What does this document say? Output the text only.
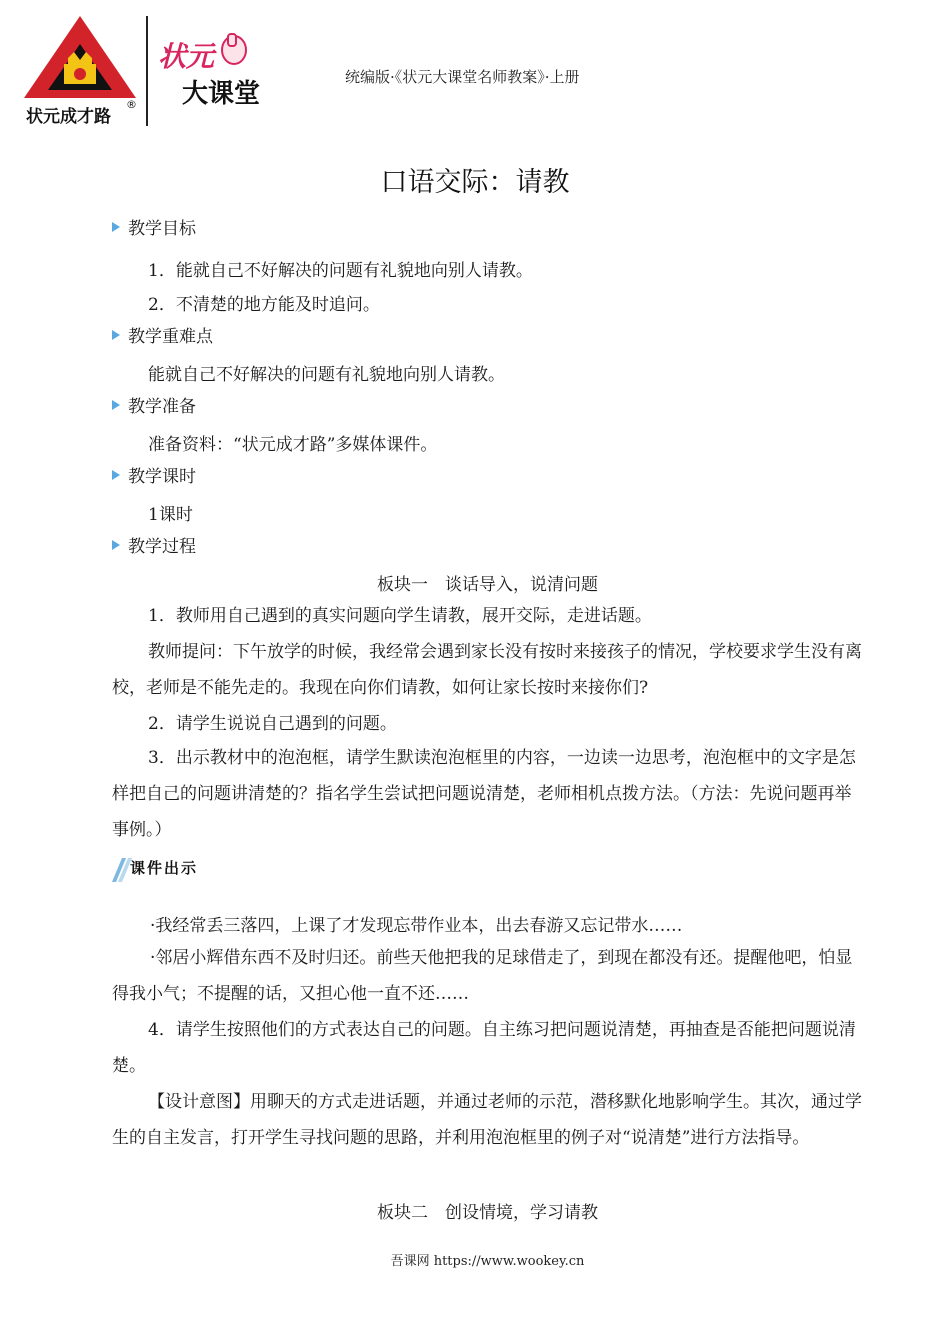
状元成才路
®
状元
大课堂
统编版·《状元大课堂名师教案》·上册
口语交际：请教
教学目标
1．能就自己不好解决的问题有礼貌地向别人请教。
2．不清楚的地方能及时追问。
教学重难点
能就自己不好解决的问题有礼貌地向别人请教。
教学准备
准备资料：“状元成才路”多媒体课件。
教学课时
1课时
教学过程
板块一　谈话导入，说清问题
1．教师用自己遇到的真实问题向学生请教，展开交际，走进话题。
教师提问：下午放学的时候，我经常会遇到家长没有按时来接孩子的情况，学校要求学生没有离校，老师是不能先走的。我现在向你们请教，如何让家长按时来接你们?
2．请学生说说自己遇到的问题。
3．出示教材中的泡泡框，请学生默读泡泡框里的内容，一边读一边思考，泡泡框中的文字是怎样把自己的问题讲清楚的？指名学生尝试把问题说清楚，老师相机点拨方法。（方法：先说问题再举事例。）
课件出示
·我经常丢三落四，上课了才发现忘带作业本，出去春游又忘记带水……
·邻居小辉借东西不及时归还。前些天他把我的足球借走了，到现在都没有还。提醒他吧，怕显得我小气；不提醒的话，又担心他一直不还……
4．请学生按照他们的方式表达自己的问题。自主练习把问题说清楚，再抽查是否能把问题说清楚。
【设计意图】用聊天的方式走进话题，并通过老师的示范，潜移默化地影响学生。其次，通过学生的自主发言，打开学生寻找问题的思路，并利用泡泡框里的例子对“说清楚”进行方法指导。
板块二　创设情境，学习请教
吾课网 https://www.wookey.cn
